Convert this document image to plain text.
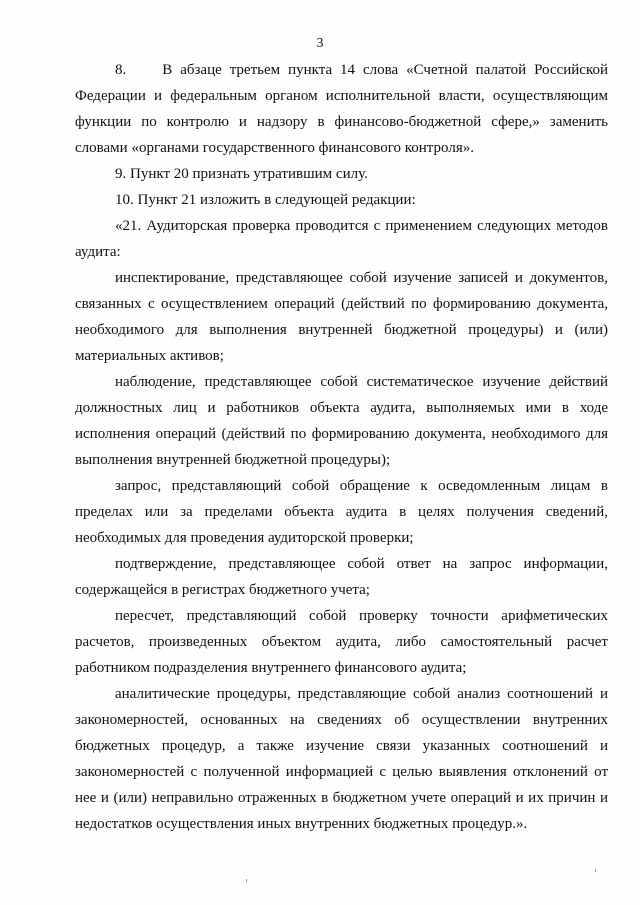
3

8. В абзаце третьем пункта 14 слова «Счетной палатой Российской Федерации и федеральным органом исполнительной власти, осуществляющим функции по контролю и надзору в финансово-бюджетной сфере,» заменить словами «органами государственного финансового контроля».

9. Пункт 20 признать утратившим силу.

10. Пункт 21 изложить в следующей редакции:

«21. Аудиторская проверка проводится с применением следующих методов аудита:

инспектирование, представляющее собой изучение записей и документов, связанных с осуществлением операций (действий по формированию документа, необходимого для выполнения внутренней бюджетной процедуры) и (или) материальных активов;

наблюдение, представляющее собой систематическое изучение действий должностных лиц и работников объекта аудита, выполняемых ими в ходе исполнения операций (действий по формированию документа, необходимого для выполнения внутренней бюджетной процедуры);

запрос, представляющий собой обращение к осведомленным лицам в пределах или за пределами объекта аудита в целях получения сведений, необходимых для проведения аудиторской проверки;

подтверждение, представляющее собой ответ на запрос информации, содержащейся в регистрах бюджетного учета;

пересчет, представляющий собой проверку точности арифметических расчетов, произведенных объектом аудита, либо самостоятельный расчет работником подразделения внутреннего финансового аудита;

аналитические процедуры, представляющие собой анализ соотношений и закономерностей, основанных на сведениях об осуществлении внутренних бюджетных процедур, а также изучение связи указанных соотношений и закономерностей с полученной информацией с целью выявления отклонений от нее и (или) неправильно отраженных в бюджетном учете операций и их причин и недостатков осуществления иных внутренних бюджетных процедур.».
